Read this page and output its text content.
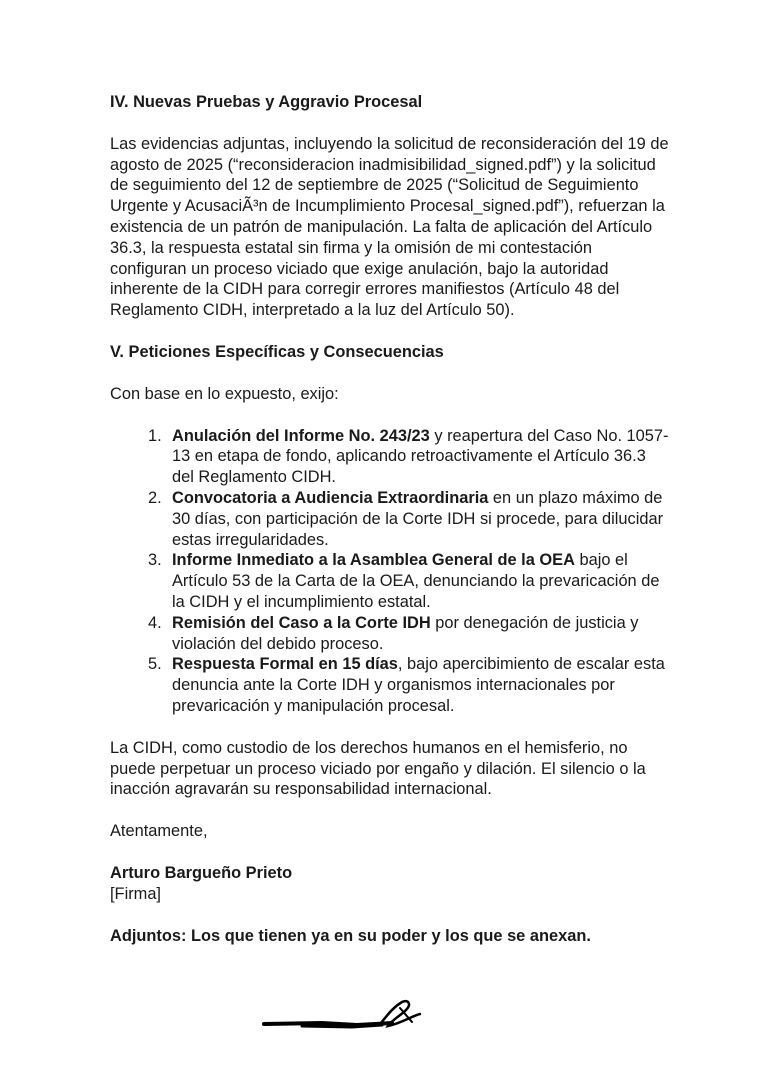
IV. Nuevas Pruebas y Aggravio Procesal

Las evidencias adjuntas, incluyendo la solicitud de reconsideración del 19 de agosto de 2025 (“reconsideracion inadmisibilidad_signed.pdf”) y la solicitud de seguimiento del 12 de septiembre de 2025 (“Solicitud de Seguimiento Urgente y AcusaciÃ³n de Incumplimiento Procesal_signed.pdf”), refuerzan la existencia de un patrón de manipulación. La falta de aplicación del Artículo 36.3, la respuesta estatal sin firma y la omisión de mi contestación configuran un proceso viciado que exige anulación, bajo la autoridad inherente de la CIDH para corregir errores manifiestos (Artículo 48 del Reglamento CIDH, interpretado a la luz del Artículo 50).

V. Peticiones Específicas y Consecuencias

Con base en lo expuesto, exijo:

1. Anulación del Informe No. 243/23 y reapertura del Caso No. 1057-13 en etapa de fondo, aplicando retroactivamente el Artículo 36.3 del Reglamento CIDH.
2. Convocatoria a Audiencia Extraordinaria en un plazo máximo de 30 días, con participación de la Corte IDH si procede, para dilucidar estas irregularidades.
3. Informe Inmediato a la Asamblea General de la OEA bajo el Artículo 53 de la Carta de la OEA, denunciando la prevaricación de la CIDH y el incumplimiento estatal.
4. Remisión del Caso a la Corte IDH por denegación de justicia y violación del debido proceso.
5. Respuesta Formal en 15 días, bajo apercibimiento de escalar esta denuncia ante la Corte IDH y organismos internacionales por prevaricación y manipulación procesal.

La CIDH, como custodio de los derechos humanos en el hemisferio, no puede perpetuar un proceso viciado por engaño y dilación. El silencio o la inacción agravarán su responsabilidad internacional.

Atentamente,

Arturo Bargueño Prieto

[Firma]

Adjuntos: Los que tienen ya en su poder y los que se anexan.
